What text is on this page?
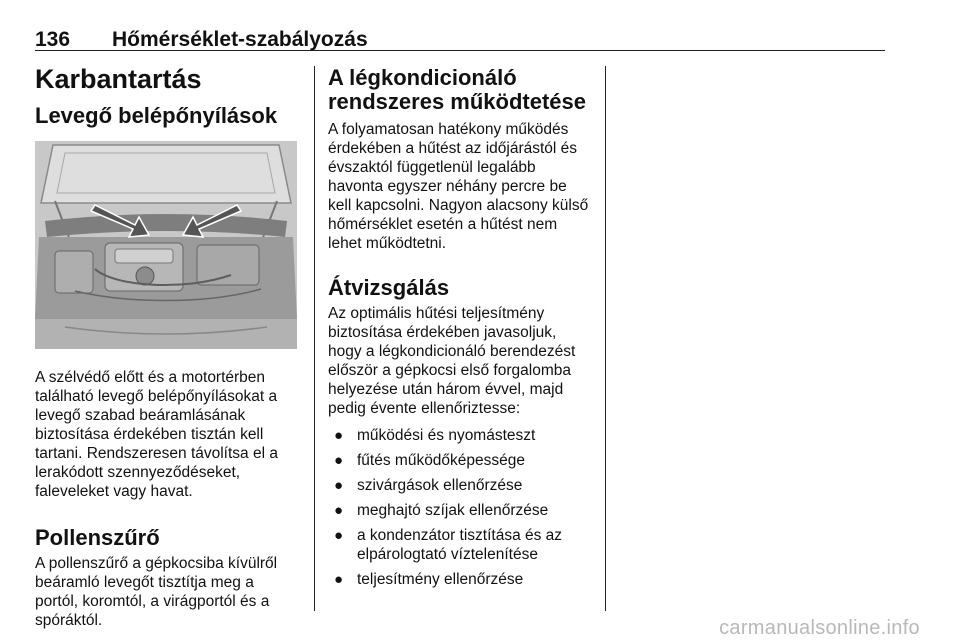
136 Hőmérséklet-szabályozás
Karbantartás
Levegő belépőnyílások

A szélvédő előtt és a motortérben található levegő belépőnyílásokat a levegő szabad beáramlásának biztosítása érdekében tisztán kell tartani. Rendszeresen távolítsa el a lerakódott szennyeződéseket, faleveleket vagy havat.

Pollenszűrő

A pollenszűrő a gépkocsiba kívülről beáramló levegőt tisztítja meg a portól, koromtól, a virágportól és a spóráktól.

A légkondicionáló
rendszeres működtetése

A folyamatosan hatékony működés érdekében a hűtést az időjárástól és évszaktól függetlenül legalább havonta egyszer néhány percre be kell kapcsolni. Nagyon alacsony külső hőmérséklet esetén a hűtést nem lehet működtetni.

Átvizsgálás

Az optimális hűtési teljesítmény biztosítása érdekében javasoljuk, hogy a légkondicionáló berendezést először a gépkocsi első forgalomba helyezése után három évvel, majd pedig évente ellenőriztesse:

● működési és nyomásteszt
● fűtés működőképessége
● szivárgások ellenőrzése
● meghajtó szíjak ellenőrzése
● a kondenzátor tisztítása és az elpárologtató víztelenítése
● teljesítmény ellenőrzése
carmanualsonline.info
